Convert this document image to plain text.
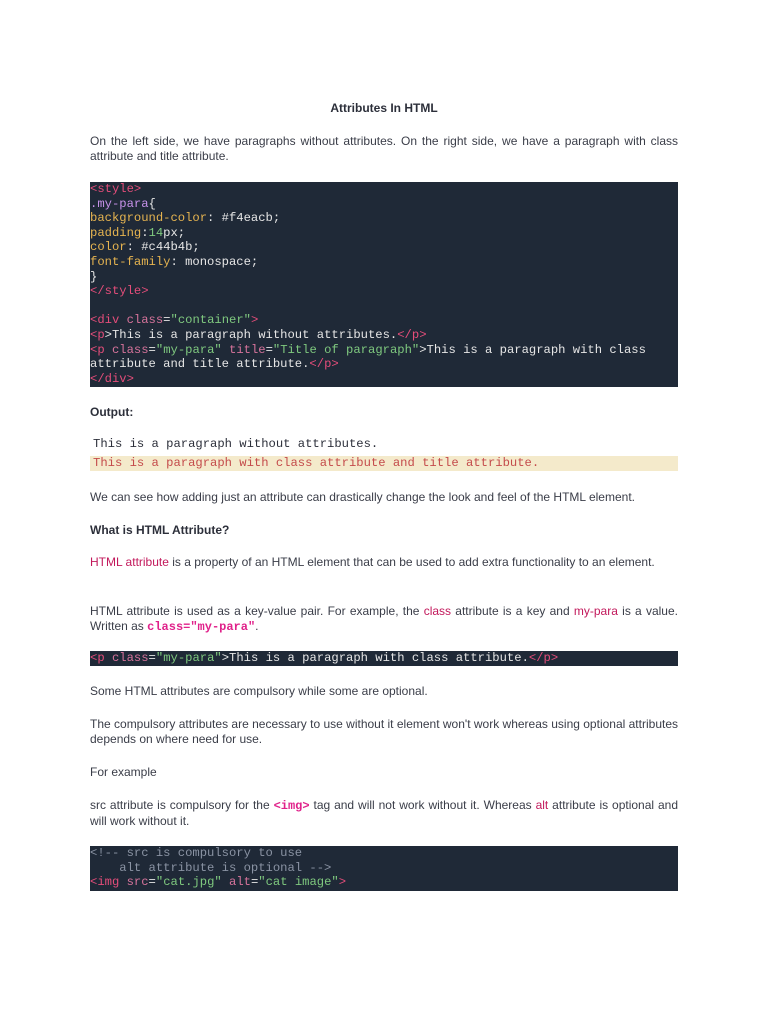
Attributes In HTML
On the left side, we have paragraphs without attributes. On the right side, we have a paragraph with class attribute and title attribute.
<style>
.my-para{
background-color: #f4eacb;
padding:14px;
color: #c44b4b;
font-family: monospace;
}
</style>
<div class="container">
<p>This is a paragraph without attributes.</p>
<p class="my-para" title="Title of paragraph">This is a paragraph with class
attribute and title attribute.</p>
</div>
Output:
This is a paragraph without attributes.
This is a paragraph with class attribute and title attribute.
We can see how adding just an attribute can drastically change the look and feel of the HTML element.
What is HTML Attribute?
HTML attribute is a property of an HTML element that can be used to add extra functionality to an element.
HTML attribute is used as a key-value pair. For example, the class attribute is a key and my-para is a value. Written as class="my-para".
<p class="my-para">This is a paragraph with class attribute.</p>
Some HTML attributes are compulsory while some are optional.
The compulsory attributes are necessary to use without it element won't work whereas using optional attributes depends on where need for use.
For example
src attribute is compulsory for the <img> tag and will not work without it. Whereas alt attribute is optional and will work without it.
<!-- src is compulsory to use
alt attribute is optional -->
<img src="cat.jpg" alt="cat image">
